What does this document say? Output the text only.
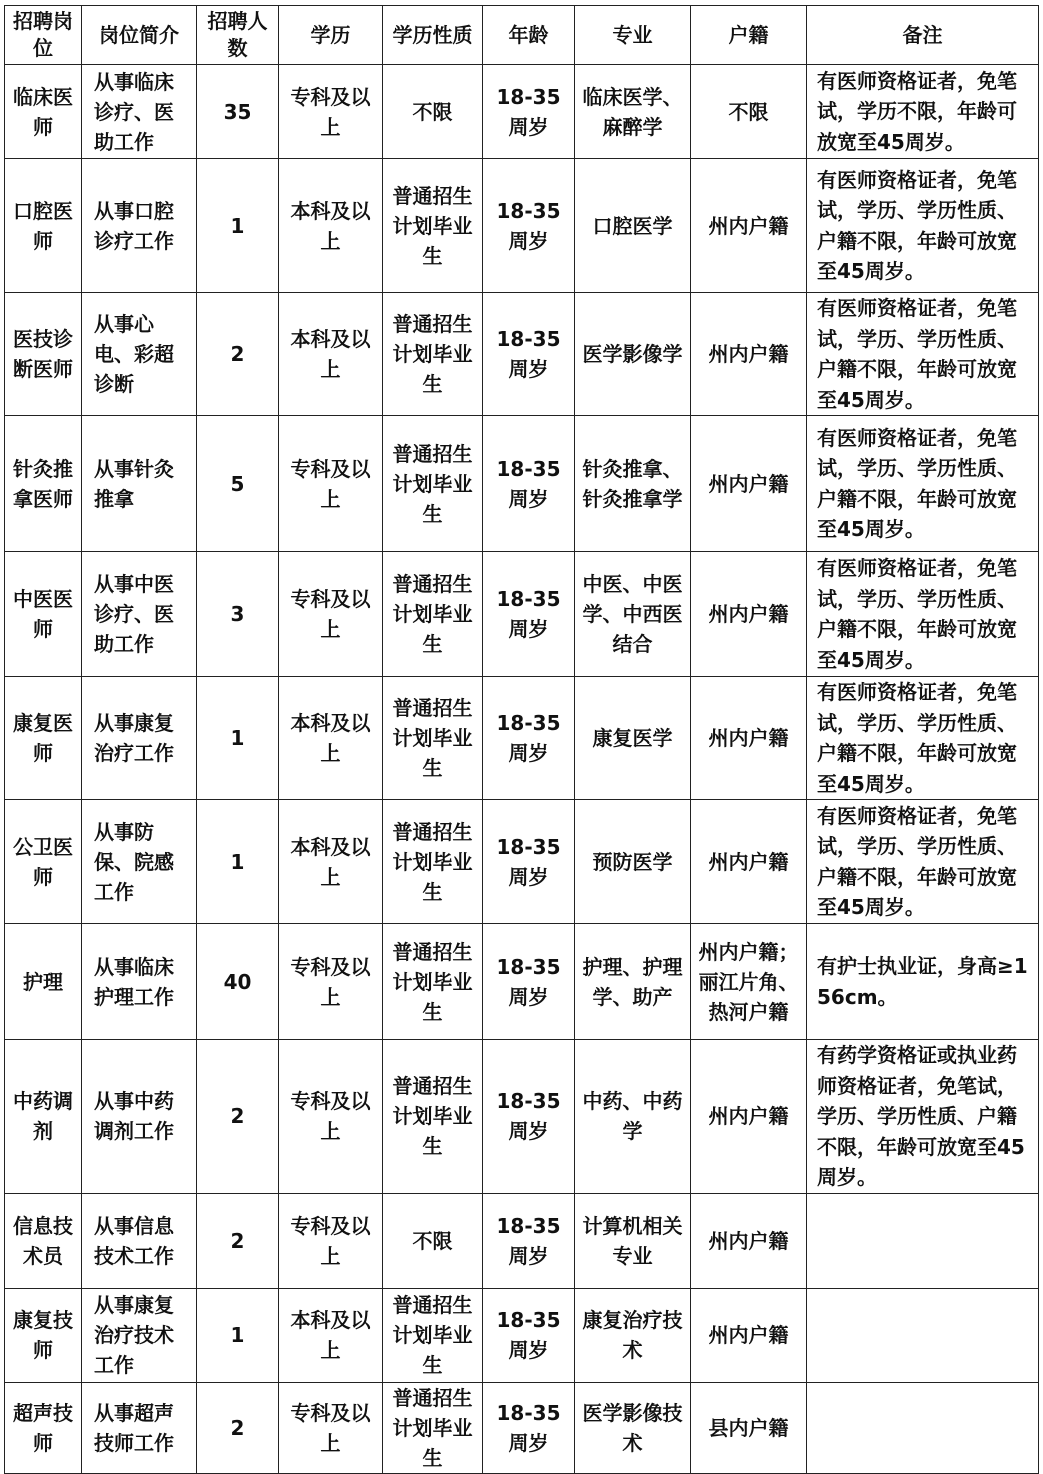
招聘岗位	岗位简介	招聘人数	学历	学历性质	年龄	专业	户籍	备注
临床医师	从事临床诊疗、医助工作	35	专科及以上	不限	18-35周岁	临床医学、麻醉学	不限	有医师资格证者，免笔试，学历不限，年龄可放宽至45周岁。
口腔医师	从事口腔诊疗工作	1	本科及以上	普通招生计划毕业生	18-35周岁	口腔医学	州内户籍	有医师资格证者，免笔试，学历、学历性质、户籍不限，年龄可放宽至45周岁。
医技诊断医师	从事心电、彩超诊断	2	本科及以上	普通招生计划毕业生	18-35周岁	医学影像学	州内户籍	有医师资格证者，免笔试，学历、学历性质、户籍不限，年龄可放宽至45周岁。
针灸推拿医师	从事针灸推拿	5	专科及以上	普通招生计划毕业生	18-35周岁	针灸推拿、针灸推拿学	州内户籍	有医师资格证者，免笔试，学历、学历性质、户籍不限，年龄可放宽至45周岁。
中医医师	从事中医诊疗、医助工作	3	专科及以上	普通招生计划毕业生	18-35周岁	中医、中医学、中西医结合	州内户籍	有医师资格证者，免笔试，学历、学历性质、户籍不限，年龄可放宽至45周岁。
康复医师	从事康复治疗工作	1	本科及以上	普通招生计划毕业生	18-35周岁	康复医学	州内户籍	有医师资格证者，免笔试，学历、学历性质、户籍不限，年龄可放宽至45周岁。
公卫医师	从事防保、院感工作	1	本科及以上	普通招生计划毕业生	18-35周岁	预防医学	州内户籍	有医师资格证者，免笔试，学历、学历性质、户籍不限，年龄可放宽至45周岁。
护理	从事临床护理工作	40	专科及以上	普通招生计划毕业生	18-35周岁	护理、护理学、助产	州内户籍；丽江片角、热河户籍	有护士执业证，身高≥156cm。
中药调剂	从事中药调剂工作	2	专科及以上	普通招生计划毕业生	18-35周岁	中药、中药学	州内户籍	有药学资格证或执业药师资格证者，免笔试，学历、学历性质、户籍不限，年龄可放宽至45周岁。
信息技术员	从事信息技术工作	2	专科及以上	不限	18-35周岁	计算机相关专业	州内户籍	
康复技师	从事康复治疗技术工作	1	本科及以上	普通招生计划毕业生	18-35周岁	康复治疗技术	州内户籍	
超声技师	从事超声技师工作	2	专科及以上	普通招生计划毕业生	18-35周岁	医学影像技术	县内户籍	
